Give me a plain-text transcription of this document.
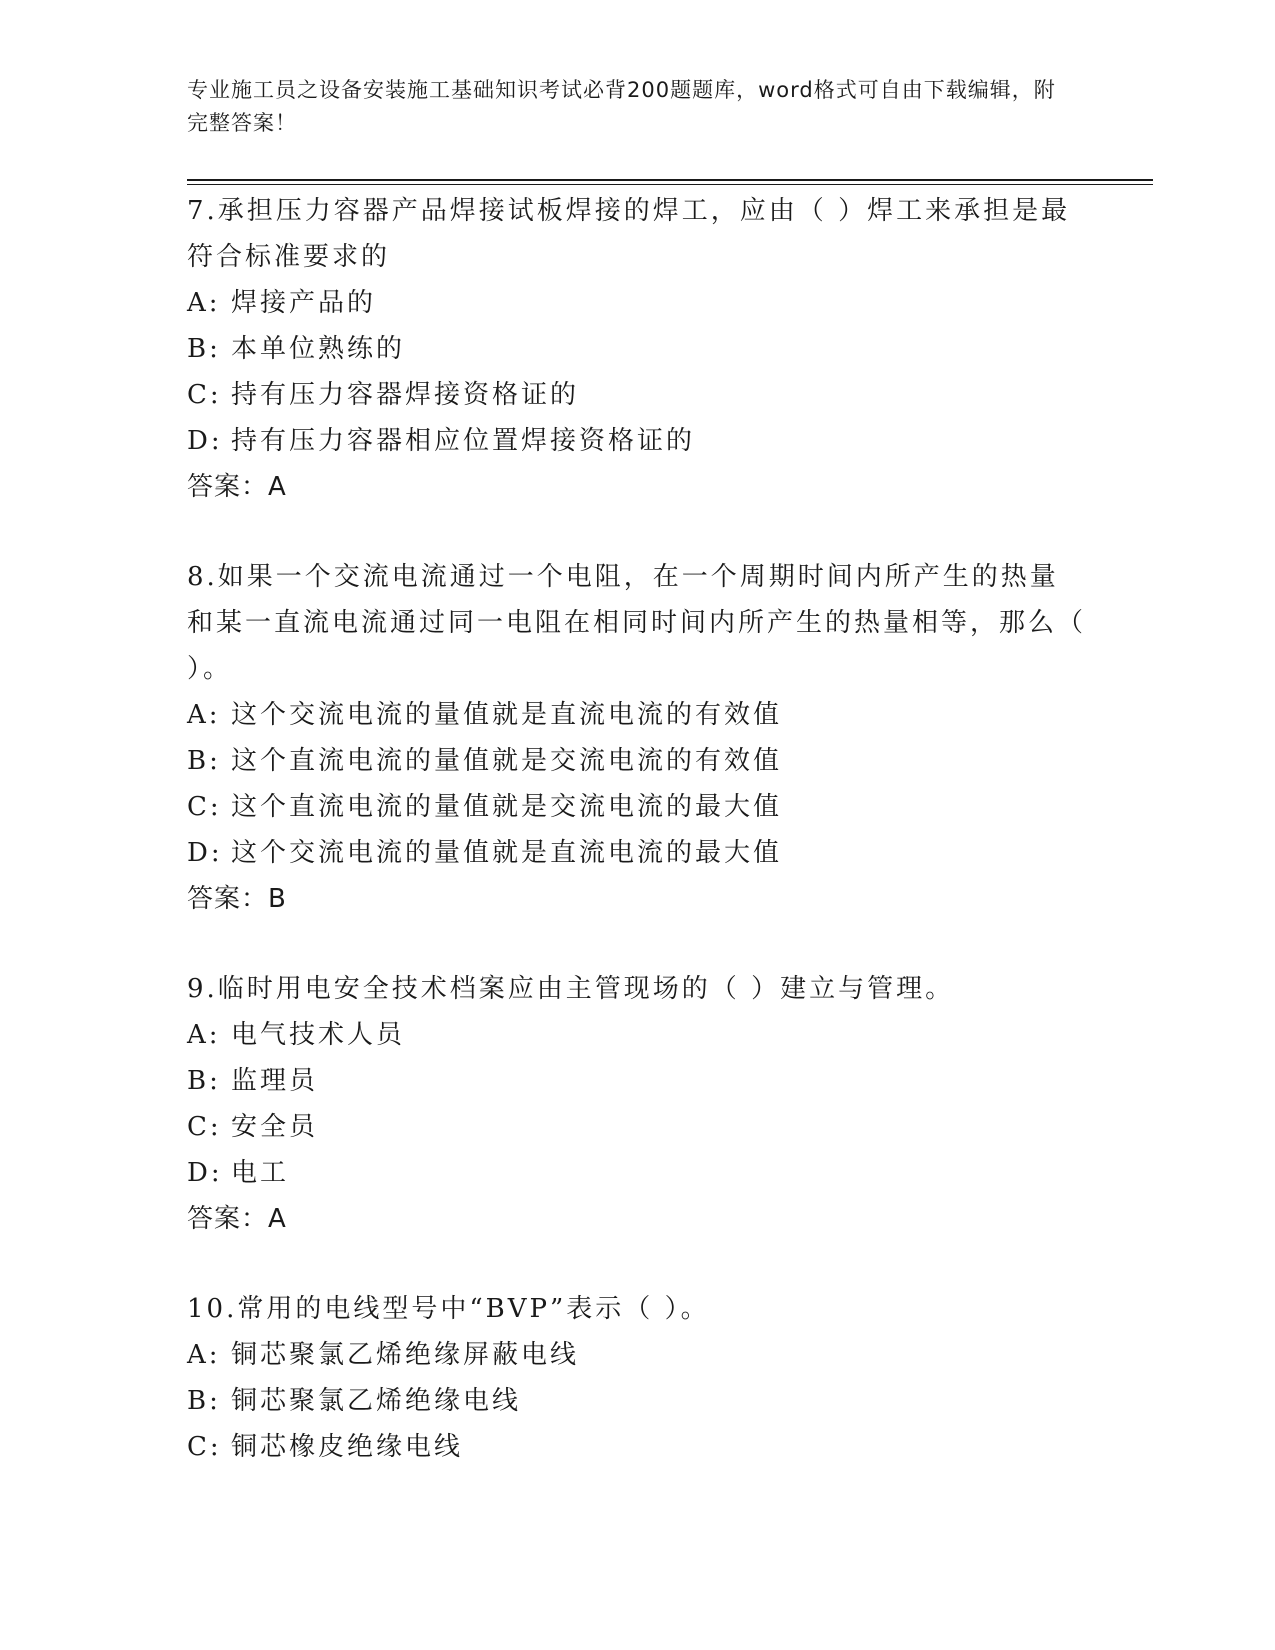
专业施工员之设备安装施工基础知识考试必背200题题库，word格式可自由下载编辑，附完整答案！

7.承担压力容器产品焊接试板焊接的焊工，应由（ ）焊工来承担是最符合标准要求的

A: 焊接产品的

B: 本单位熟练的

C: 持有压力容器焊接资格证的

D: 持有压力容器相应位置焊接资格证的

答案：A

8.如果一个交流电流通过一个电阻，在一个周期时间内所产生的热量和某一直流电流通过同一电阻在相同时间内所产生的热量相等，那么（ ）。

A: 这个交流电流的量值就是直流电流的有效值

B: 这个直流电流的量值就是交流电流的有效值

C: 这个直流电流的量值就是交流电流的最大值

D: 这个交流电流的量值就是直流电流的最大值

答案：B

9.临时用电安全技术档案应由主管现场的（ ）建立与管理。

A: 电气技术人员

B: 监理员

C: 安全员

D: 电工

答案：A

10.常用的电线型号中“BVP”表示（ ）。

A: 铜芯聚氯乙烯绝缘屏蔽电线

B: 铜芯聚氯乙烯绝缘电线

C: 铜芯橡皮绝缘电线
